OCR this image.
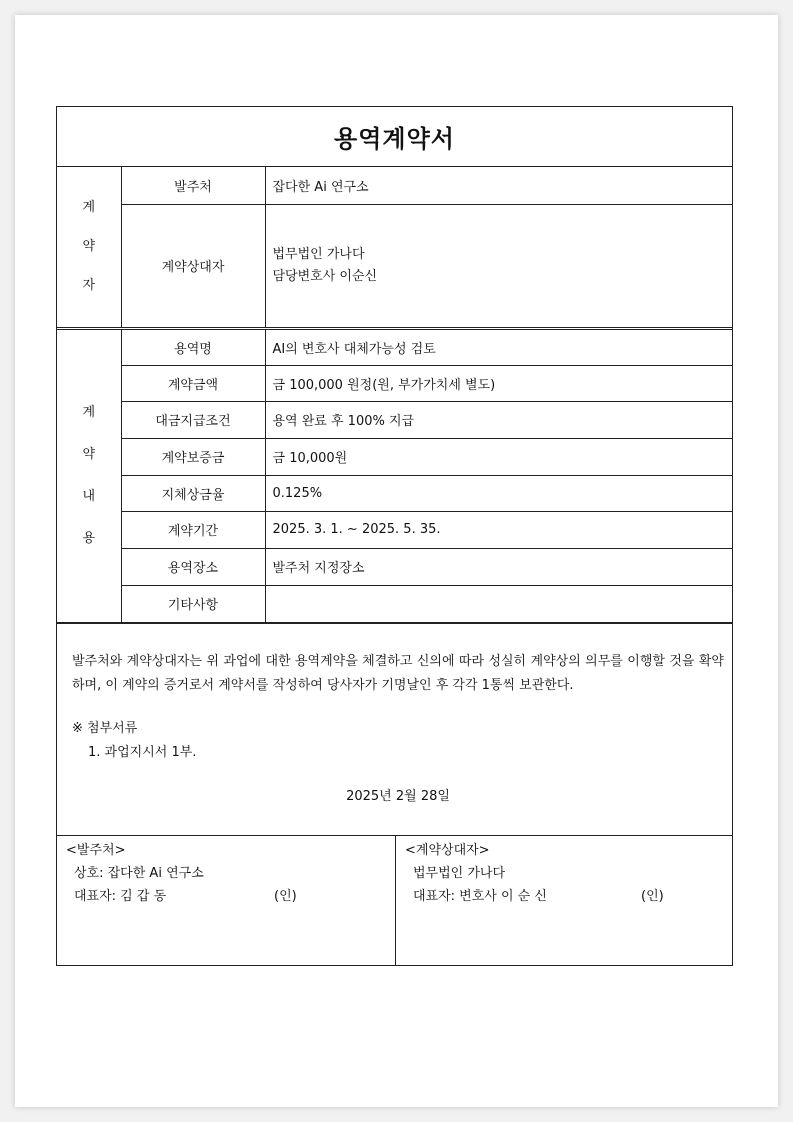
용역계약서
계
약
자	발주처	잡다한 Ai 연구소
	계약상대자	법무법인 가나다
담당변호사 이순신

계
약
내
용	용역명	AI의 변호사 대체가능성 검토
	계약금액	금 100,000 원정(원, 부가가치세 별도)
	대금지급조건	용역 완료 후 100% 지급
	계약보증금	금 10,000원
	지체상금율	0.125%
	계약기간	2025. 3. 1. ~ 2025. 5. 35.
	용역장소	발주처 지정장소
	기타사항	
발주처와 계약상대자는 위 과업에 대한 용역계약을 체결하고 신의에 따라 성실히 계약상의 의무를 이행할 것을 확약하며, 이 계약의 증거로서 계약서를 작성하여 당사자가 기명날인 후 각각 1통씩 보관한다.
※ 첨부서류
1. 과업지시서 1부.
2025년 2월 28일
<발주처>
상호: 잡다한 Ai 연구소
대표자: 김 갑 동	(인)
<계약상대자>
법무법인 가나다
대표자: 변호사 이 순 신	(인)
